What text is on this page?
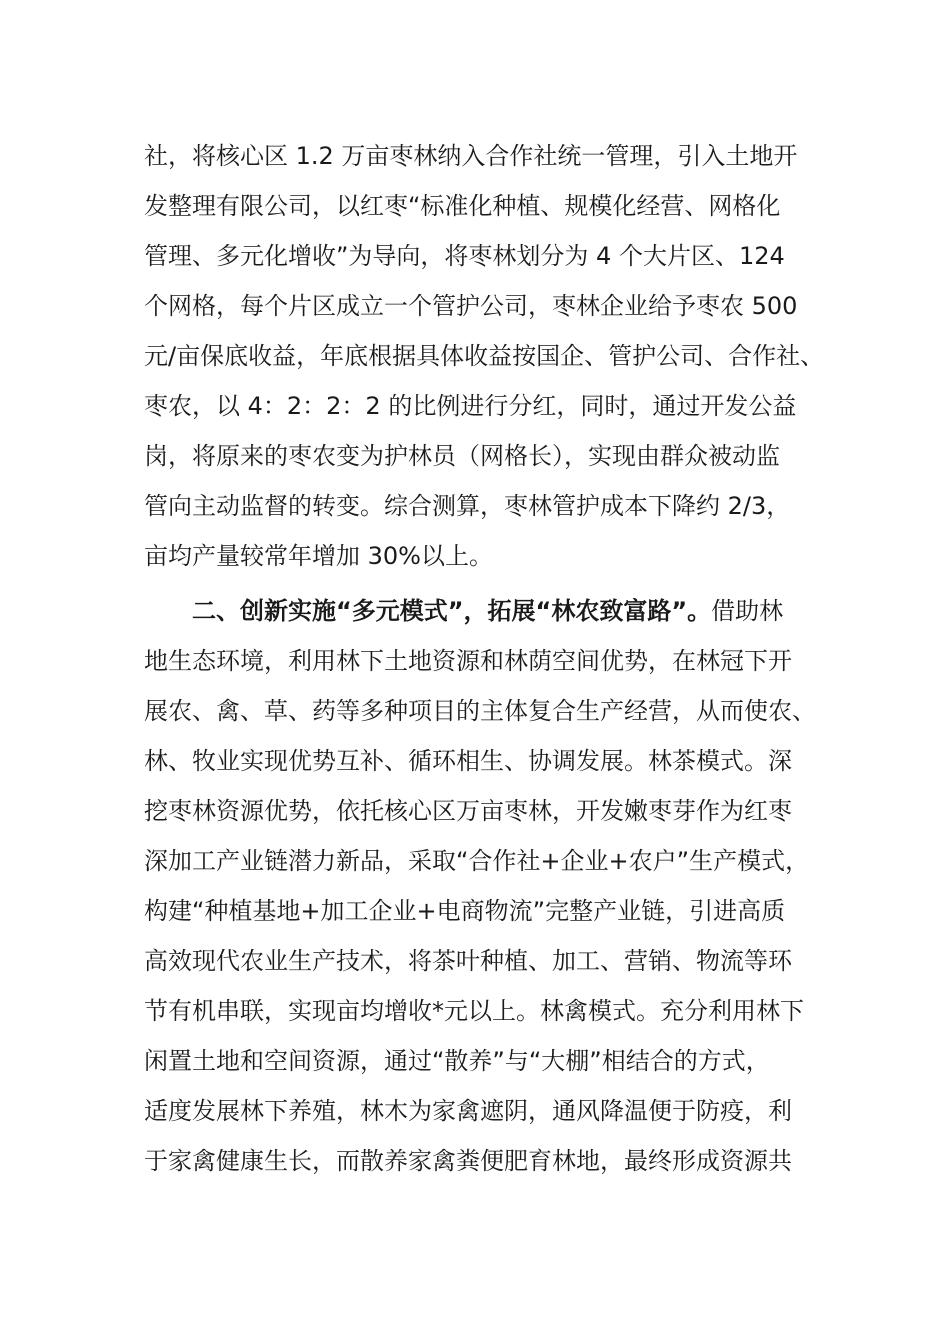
社，将核心区 1.2 万亩枣林纳入合作社统一管理，引入土地开
发整理有限公司，以红枣“标准化种植、规模化经营、网格化
管理、多元化增收”为导向，将枣林划分为 4 个大片区、124
个网格，每个片区成立一个管护公司，枣林企业给予枣农 500
元/亩保底收益，年底根据具体收益按国企、管护公司、合作社、
枣农，以 4：2：2：2 的比例进行分红，同时，通过开发公益
岗，将原来的枣农变为护林员（网格长），实现由群众被动监
管向主动监督的转变。综合测算，枣林管护成本下降约 2/3，
亩均产量较常年增加 30%以上。
二、创新实施“多元模式”，拓展“林农致富路”。借助林
地生态环境，利用林下土地资源和林荫空间优势，在林冠下开
展农、禽、草、药等多种项目的主体复合生产经营，从而使农、
林、牧业实现优势互补、循环相生、协调发展。林茶模式。深
挖枣林资源优势，依托核心区万亩枣林，开发嫩枣芽作为红枣
深加工产业链潜力新品，采取“合作社+企业+农户”生产模式，
构建“种植基地+加工企业+电商物流”完整产业链，引进高质
高效现代农业生产技术，将茶叶种植、加工、营销、物流等环
节有机串联，实现亩均增收*元以上。林禽模式。充分利用林下
闲置土地和空间资源，通过“散养”与“大棚”相结合的方式，
适度发展林下养殖，林木为家禽遮阴，通风降温便于防疫，利
于家禽健康生长，而散养家禽粪便肥育林地，最终形成资源共
